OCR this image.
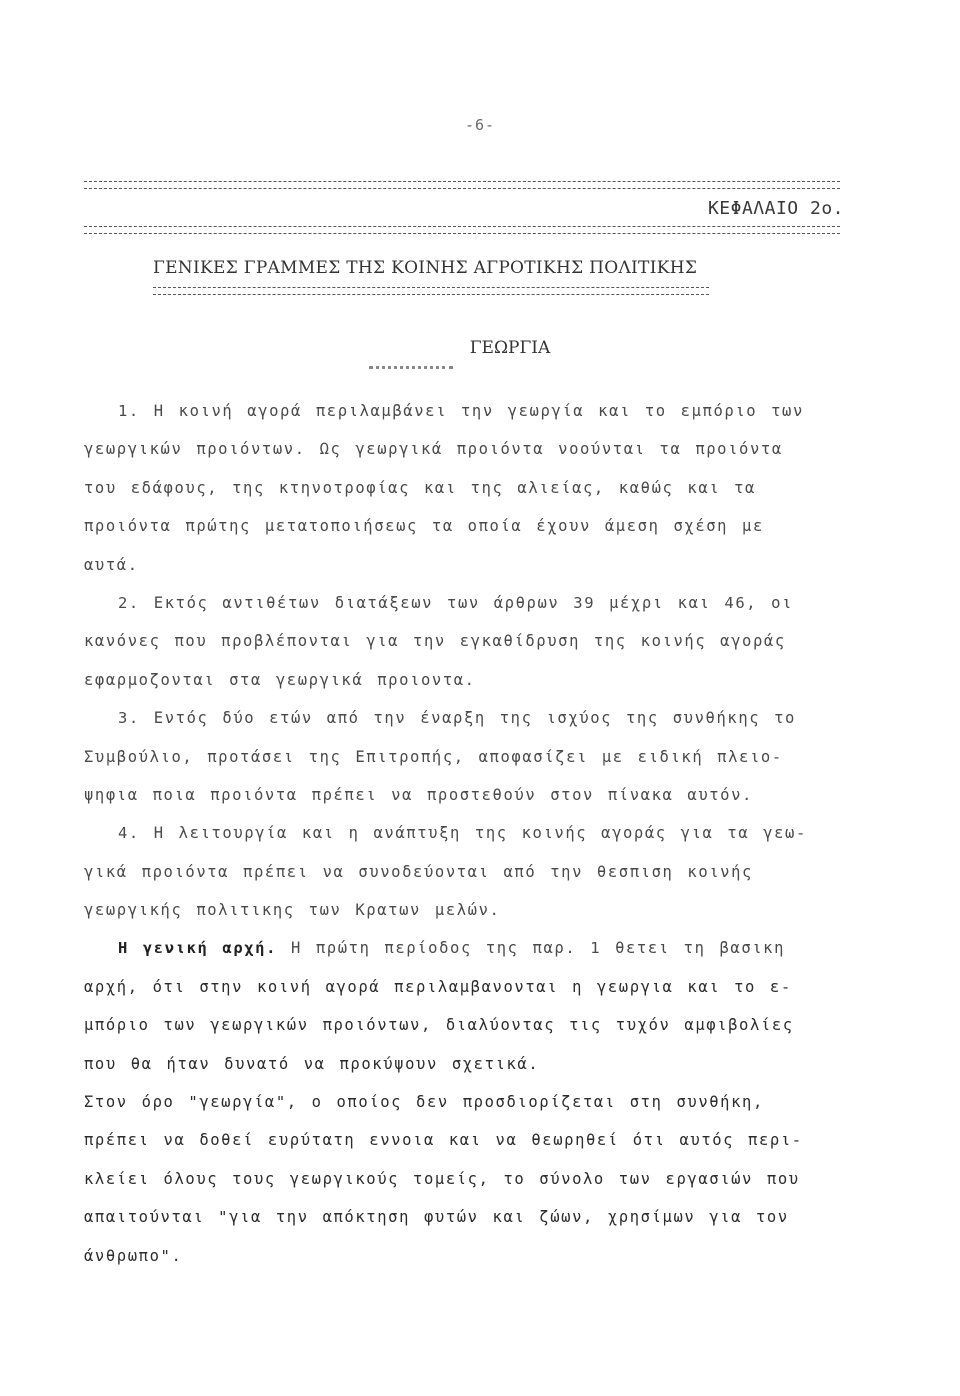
-6-
ΚΕΦΑΛΑΙΟ 2ο.
ΓΕΝΙΚΕΣ ΓΡΑΜΜΕΣ ΤΗΣ ΚΟΙΝΗΣ ΑΓΡΟΤΙΚΗΣ ΠΟΛΙΤΙΚΗΣ
ΓΕΩΡΓΙΑ
1. Η κοινή αγορά περιλαμβάνει την γεωργία και το εμπόριο των
γεωργικών προιόντων. Ως γεωργικά προιόντα νοούνται τα προιόντα
του εδάφους, της κτηνοτροφίας και της αλιείας, καθώς και τα
προιόντα πρώτης μετατοποιήσεως τα οποία έχουν άμεση σχέση με
αυτά.
2. Εκτός αντιθέτων διατάξεων των άρθρων 39 μέχρι και 46, οι
κανόνες που προβλέπονται για την εγκαθίδρυση της κοινής αγοράς
εφαρμοζονται στα γεωργικά προιοντα.
3. Εντός δύο ετών από την έναρξη της ισχύος της συνθήκης το
Συμβούλιο, προτάσει της Επιτροπής, αποφασίζει με ειδική πλειο-
ψηφια ποια προιόντα πρέπει να προστεθούν στον πίνακα αυτόν.
4. Η λειτουργία και η ανάπτυξη της κοινής αγοράς για τα γεω-
γικά προιόντα πρέπει να συνοδεύονται από την θεσπιση κοινής
γεωργικής πολιτικης των Κρατων μελών.
Η γενική αρχή. Η πρώτη περίοδος της παρ. 1 θετει τη βασικη
αρχή, ότι στην κοινή αγορά περιλαμβανονται η γεωργια και το ε-
μπόριο των γεωργικών προιόντων, διαλύοντας τις τυχόν αμφιβολίες
που θα ήταν δυνατό να προκύψουν σχετικά.
Στον όρο "γεωργία", ο οποίος δεν προσδιορίζεται στη συνθήκη,
πρέπει να δοθεί ευρύτατη εννοια και να θεωρηθεί ότι αυτός περι-
κλείει όλους τους γεωργικούς τομείς, το σύνολο των εργασιών που
απαιτούνται "για την απόκτηση φυτών και ζώων, χρησίμων για τον
άνθρωπο".
